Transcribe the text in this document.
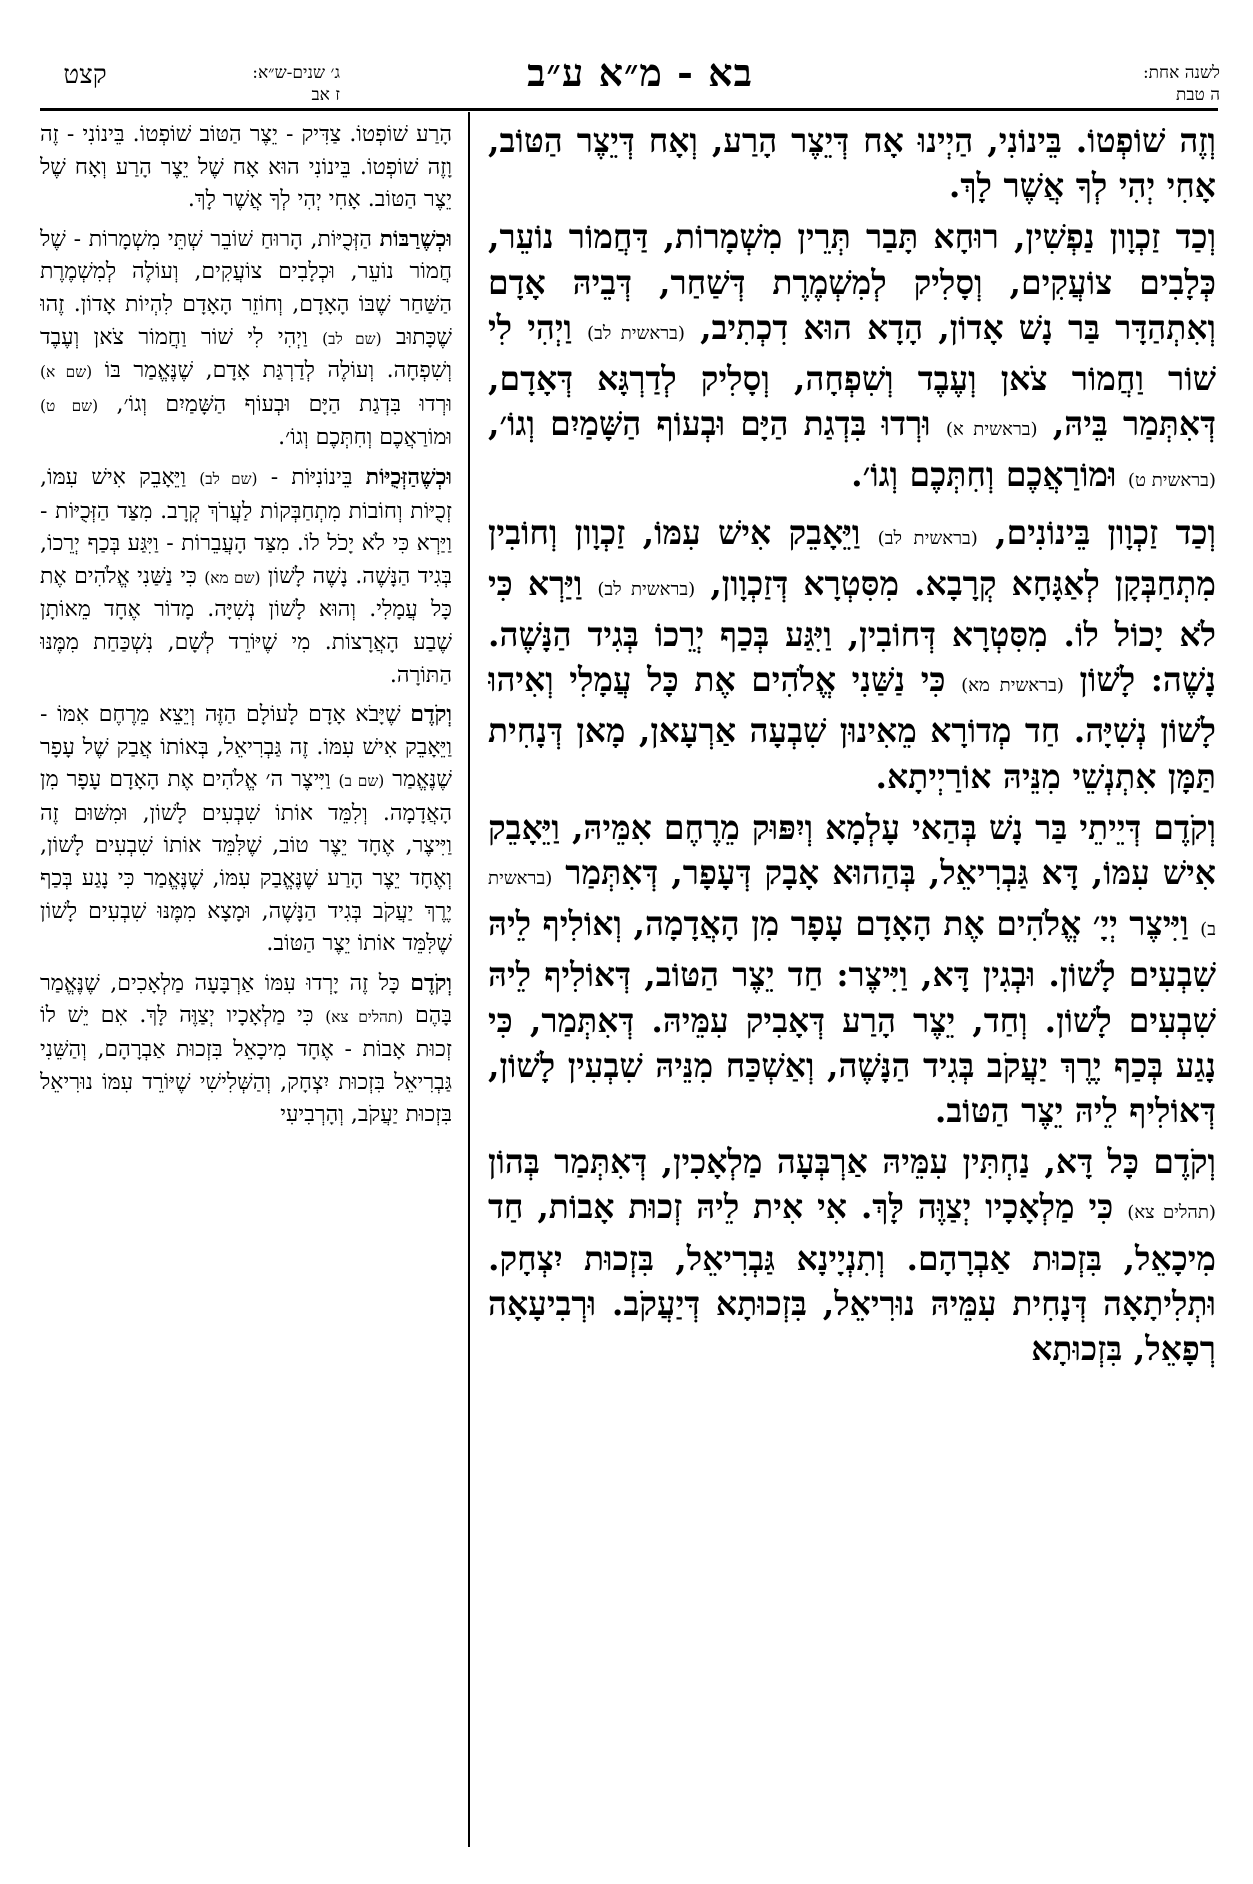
לשנה אחת:
ה טבת
בא - מ״א ע״ב
ג׳ שנים-ש״א:
ז אב
קצט

וְזֶה שׁוֹפְטוֹ. בֵּינוֹנִי, הַיְינוּ אָח דְּיֵצֶר הָרַע, וְאָח דְּיֵצֶר הַטּוֹב, אָחִי יְהִי לְךָ אֲשֶׁר לָךְ.

וְכַד זַכְוָון נַפְשִׁין, רוּחָא תָּבַר תְּרֵין מִשְׁמָרוֹת, דַּחֲמוֹר נוֹעֵר, כְּלָבִים צוֹעֲקִים, וְסָלִיק לְמִשְׁמֶרֶת דְּשַׁחַר, דְּבֵיהּ אָדָם וְאִתְהַדָּר בַּר נָשׁ אָדוֹן, הָדָא הוּא דִכְתִיב, (בראשית לב) וַיְהִי לִי שׁוֹר וַחֲמוֹר צֹאן וְעֶבֶד וְשִׁפְחָה, וְסָלִיק לְדַרְגָּא דְּאָדָם, דְּאִתְּמַר בֵּיהּ, (בראשית א) וּרְדוּ בִּדְגַת הַיָּם וּבְעוֹף הַשָּׁמַיִם וְגוֹ׳, (בראשית ט) וּמוֹרַאֲכֶם וְחִתְּכֶם וְגוֹ׳.

וְכַד זַכְוָון בֵּינוֹנִים, (בראשית לב) וַיֵּאָבֵק אִישׁ עִמּוֹ, זַכְוָון וְחוֹבִין מִתְחַבְּקָן לְאַגָּחָא קְרָבָא. מִסִּטְרָא דְּזַכְוָון, (בראשית לב) וַיַּרְא כִּי לֹא יָכוֹל לוֹ. מִסִּטְרָא דְּחוֹבִין, וַיִּגַּע בְּכַף יְרֵכוֹ בְּגִיד הַנָּשֶׁה. נָשֶׁה: לָשׁוֹן (בראשית מא) כִּי נַשַּׁנִי אֱלֹהִים אֶת כָּל עֲמָלִי וְאִיהוּ לָשׁוֹן נְשִׁיָּה. חַד מְדוֹרָא מֵאִינוּן שִׁבְעָה אַרְעָאן, מָאן דְּנָחִית תַּמָּן אִתְנְשֵׁי מִנֵּיהּ אוֹרַיְיתָא.

וְקֹדֶם דְּיֵיתֵי בַּר נָשׁ בְּהַאי עָלְמָא וְיִפּוּק מֵרֶחֶם אִמֵּיהּ, וַיֵּאָבֵק אִישׁ עִמּוֹ, דָּא גַּבְרִיאֵל, בְּהַהוּא אָבָק דְּעָפָר, דְּאִתְּמַר (בראשית ב) וַיִּיצֶר יְיָ׳ אֱלֹהִים אֶת הָאָדָם עָפָר מִן הָאֲדָמָה, וְאוֹלִיף לֵיהּ שִׁבְעִים לָשׁוֹן. וּבְגִין דָּא, וַיִּיצֶר: חַד יֵצֶר הַטּוֹב, דְּאוֹלִיף לֵיהּ שִׁבְעִים לָשׁוֹן. וְחַד, יֵצֶר הָרַע דְּאָבִיק עִמֵּיהּ. דְּאִתְּמַר, כִּי נָגַע בְּכַף יֶרֶךְ יַעֲקֹב בְּגִיד הַנָּשֶׁה, וְאַשְׁכַּח מִנֵּיהּ שִׁבְעִין לָשׁוֹן, דְּאוֹלִיף לֵיהּ יֵצֶר הַטּוֹב.

וְקֹדֶם כָּל דָּא, נַחְתִּין עִמֵּיהּ אַרְבְּעָה מַלְאָכִין, דְּאִתְּמַר בְּהוֹן (תהלים צא) כִּי מַלְאָכָיו יְצַוֶּה לָּךְ. אִי אִית לֵיהּ זְכוּת אָבוֹת, חַד מִיכָאֵל, בִּזְכוּת אַבְרָהָם. וְתִנְיָינָא גַּבְרִיאֵל, בִּזְכוּת יִצְחָק. וּתְלִיתָאָה דְּנָחִית עִמֵּיהּ נוּרִיאֵל, בִּזְכוּתָא דְּיַעֲקֹב. וּרְבִיעָאָה רְפָאֵל, בִּזְכוּתָא

הָרַע שׁוֹפְטוֹ. צַדִּיק - יֵצֶר הַטּוֹב שׁוֹפְטוֹ. בֵּינוֹנִי - זֶה וָזֶה שׁוֹפְטוֹ. בֵּינוֹנִי הוּא אָח שֶׁל יֵצֶר הָרַע וְאָח שֶׁל יֵצֶר הַטּוֹב. אָחִי יְהִי לְךָ אֲשֶׁר לָךְ.

וּכְשֶׁרַבּוֹת הַזְּכֻיּוֹת, הָרוּחַ שׁוֹבֵר שְׁתֵּי מִשְׁמָרוֹת - שֶׁל חֲמוֹר נוֹעֵר, וּכְלָבִים צוֹעֲקִים, וְעוֹלֶה לְמִשְׁמֶרֶת הַשַּׁחַר שֶׁבּוֹ הָאָדָם, וְחוֹזֵר הָאָדָם לִהְיוֹת אָדוֹן. זֶהוּ שֶׁכָּתוּב (שם לב) וַיְהִי לִי שׁוֹר וַחֲמוֹר צֹאן וְעֶבֶד וְשִׁפְחָה. וְעוֹלֶה לְדַרְגַּת אָדָם, שֶׁנֶּאֱמַר בּוֹ (שם א) וּרְדוּ בִּדְגַת הַיָּם וּבְעוֹף הַשָּׁמַיִם וְגוֹ׳, (שם ט) וּמוֹרַאֲכֶם וְחִתְּכֶם וְגוֹ׳.

וּכְשֶׁהַזְּכֻיּוֹת בֵּינוֹנִיּוֹת - (שם לב) וַיֵּאָבֵק אִישׁ עִמּוֹ, זְכֻיּוֹת וְחוֹבוֹת מִתְחַבְּקוֹת לַעֲרֹךְ קְרָב. מִצַּד הַזְּכֻיּוֹת - וַיַּרְא כִּי לֹא יָכֹל לוֹ. מִצַּד הָעֲבֵרוֹת - וַיִּגַּע בְּכַף יְרֵכוֹ, בְּגִיד הַנָּשֶׁה. נָשֶׁה לָשׁוֹן (שם מא) כִּי נַשַּׁנִי אֱלֹהִים אֶת כָּל עֲמָלִי. וְהוּא לָשׁוֹן נְשִׁיָּה. מָדוֹר אֶחָד מֵאוֹתָן שֶׁבַע הָאֲרָצוֹת. מִי שֶׁיּוֹרֵד לְשָׁם, נִשְׁכַּחַת מִמֶּנּוּ הַתּוֹרָה.

וְקֹדֶם שֶׁיָּבֹא אָדָם לָעוֹלָם הַזֶּה וְיֵצֵא מֵרֶחֶם אִמּוֹ - וַיֵּאָבֵק אִישׁ עִמּוֹ. זֶה גַּבְרִיאֵל, בְּאוֹתוֹ אֲבַק שֶׁל עָפָר שֶׁנֶּאֱמַר (שם ב) וַיִּיצֶר ה׳ אֱלֹהִים אֶת הָאָדָם עָפָר מִן הָאֲדָמָה. וְלִמֵּד אוֹתוֹ שִׁבְעִים לָשׁוֹן, וּמִשּׁוּם זֶה וַיִּיצֶר, אֶחָד יֵצֶר טוֹב, שֶׁלִּמֵּד אוֹתוֹ שִׁבְעִים לָשׁוֹן, וְאֶחָד יֵצֶר הָרַע שֶׁנֶּאֱבַק עִמּוֹ, שֶׁנֶּאֱמַר כִּי נָגַע בְּכַף יֶרֶךְ יַעֲקֹב בְּגִיד הַנָּשֶׁה, וּמָצָא מִמֶּנּוּ שִׁבְעִים לָשׁוֹן שֶׁלִּמֵּד אוֹתוֹ יֵצֶר הַטּוֹב.

וְקֹדֶם כָּל זֶה יָרְדוּ עִמּוֹ אַרְבָּעָה מַלְאָכִים, שֶׁנֶּאֱמַר בָּהֶם (תהלים צא) כִּי מַלְאָכָיו יְצַוֶּה לָּךְ. אִם יֵשׁ לוֹ זְכוּת אָבוֹת - אֶחָד מִיכָאֵל בִּזְכוּת אַבְרָהָם, וְהַשֵּׁנִי גַּבְרִיאֵל בִּזְכוּת יִצְחָק, וְהַשְּׁלִישִׁי שֶׁיּוֹרֵד עִמּוֹ נוּרִיאֵל בִּזְכוּת יַעֲקֹב, וְהָרְבִיעִי
